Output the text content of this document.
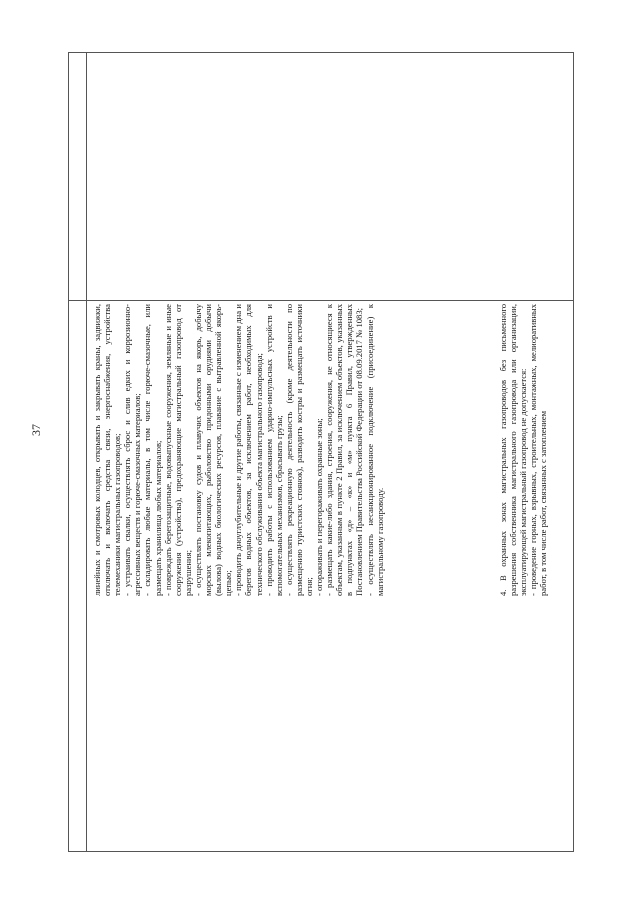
37	линейных и смотровых колодцев, открывать и закрывать краны, задвижки, отключать и включать средства связи, энергоснабжения, устройства телемеханики магистральных газопроводов; - устраивать свалки, осуществлять сброс и слив едких и коррозионно-агрессивных веществ и горюче-смазочных материалов; - складировать любые материалы, в том числе горюче-смазочные, или размещать хранилища любых материалов; - повреждать берегозащитные, водовыпускные сооружения, земляные и иные сооружения (устройства), предохраняющие магистральный газопровод от разрушения; - осуществлять постановку судов и плавучих объектов на якорь, добычу морских млекопитающих, рыболовство придонными орудиями добычи (вылова) водных биологических ресурсов, плавание с вытравленной якорь-цепью; - проводить дноуглубительные и другие работы, связанные с изменением дна и берегов водных объектов, за исключением работ, необходимых для технического обслуживания объекта магистрального газопровода; - проводить работы с использованием ударно-импульсных устройств и вспомогательных механизмов, сбрасывать грузы; - осуществлять рекреационную деятельность (кроме деятельности по размещению туристских стоянок), разводить костры и размещать источники огня; - огораживать и перегораживать охранные зоны; - размещать какие-либо здания, строения, сооружения, не относящиеся к объектам, указанным в пункте 2 Правил, за исключением объектов, указанных в подпунктах «д» – «к» и «м» пункта 6 Правил, утвержденных Постановлением Правительства Российской Федерации от 08.09.2017 № 1083; - осуществлять несанкционированное подключение (присоединение) к магистральному газопроводу.	4. В охранных зонах магистральных газопроводов без письменного разрешения собственника магистрального газопровода или организации, эксплуатирующей магистральный газопровод не допускается: - проведение горных, взрывных, строительных, монтажных, мелиоративных работ, в том числе работ, связанных с затоплением
